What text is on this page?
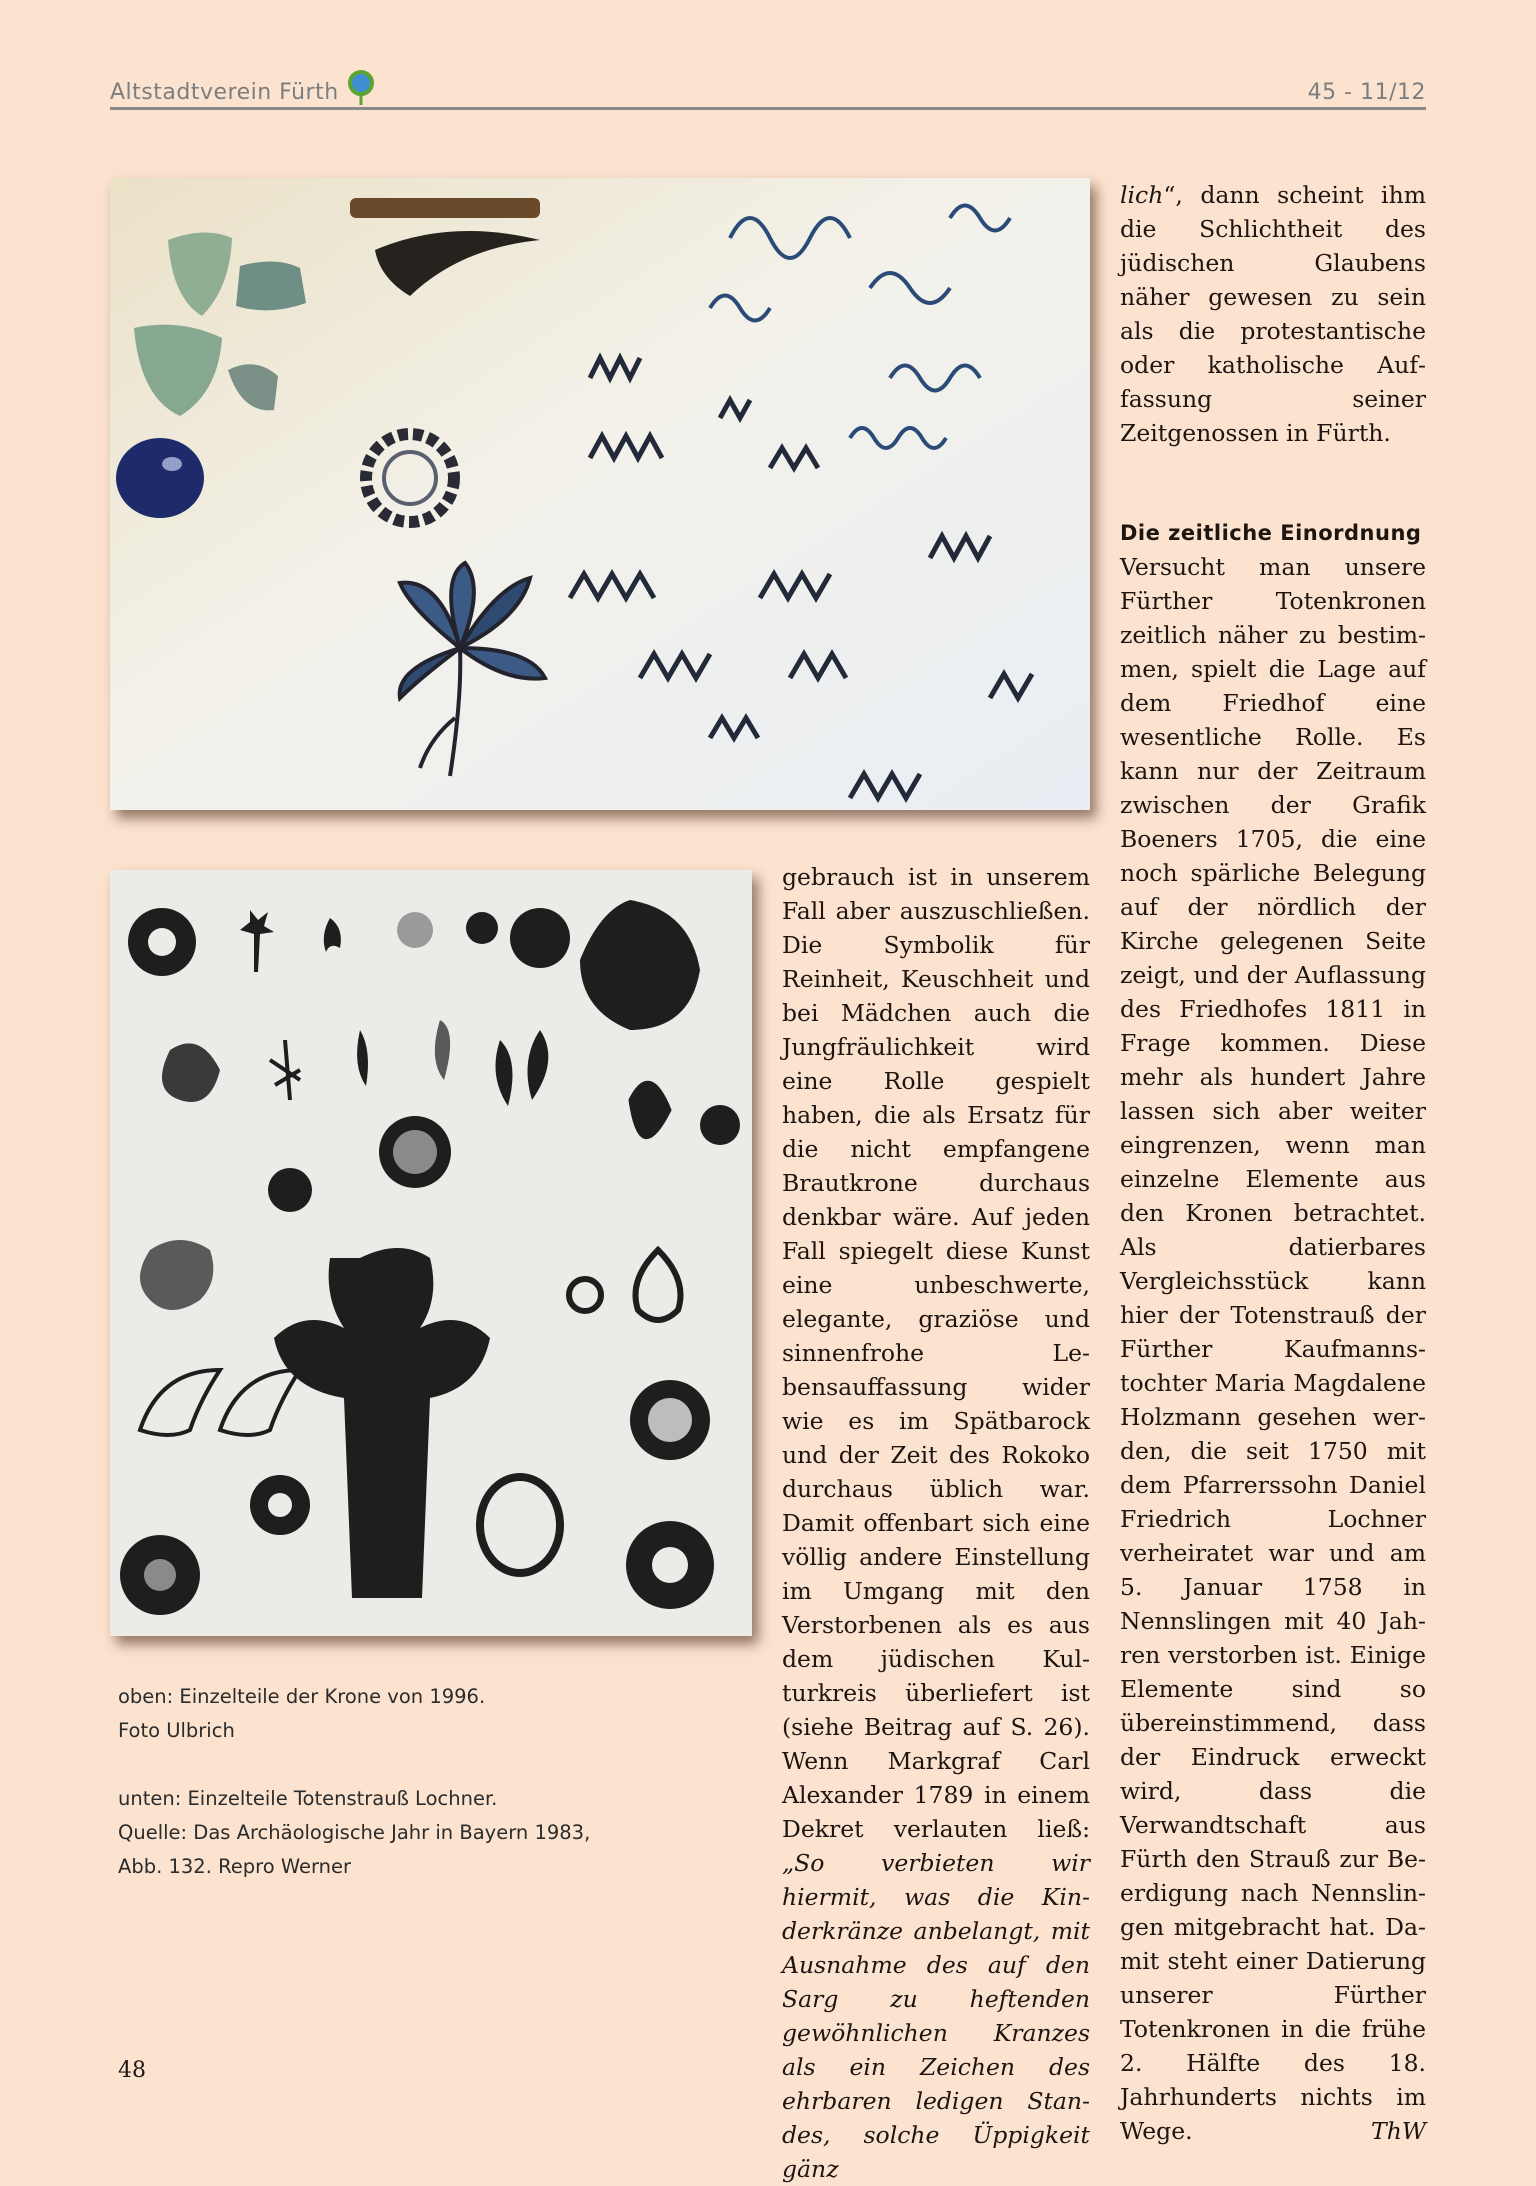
Altstadtverein Fürth	45 - 11/12
oben: Einzelteile der Krone von 1996.
Foto Ulbrich
unten: Einzelteile Totenstrauß Lochner.
Quelle: Das Archäologische Jahr in Bayern 1983,
Abb. 132. Repro Werner

gebrauch ist in unserem Fall aber auszuschließen. Die Symbolik für Reinheit, Keuschheit und bei Mädchen auch die Jungfräulichkeit wird eine Rolle gespielt haben, die als Ersatz für die nicht empfangene Brautkrone durchaus denkbar wäre. Auf jeden Fall spiegelt diese Kunst eine unbeschwerte, elegante, graziöse und sinnenfrohe Lebensauffassung wider wie es im Spätbarock und der Zeit des Rokoko durchaus üblich war. Damit offenbart sich eine völlig andere Einstellung im Umgang mit den Verstorbenen als es aus dem jüdischen Kulturkreis überliefert ist (siehe Beitrag auf S. 26). Wenn Markgraf Carl Alexander 1789 in einem Dekret verlauten ließ: „So verbieten wir hiermit, was die Kinderkränze anbelangt, mit Ausnahme des auf den Sarg zu heftenden gewöhnlichen Kranzes als ein Zeichen des ehrbaren ledigen Standes, solche Üppigkeit gänz

lich“, dann scheint ihm die Schlichtheit des jüdischen Glaubens näher gewesen zu sein als die protestantische oder katholische Auffassung seiner Zeitgenossen in Fürth.

Die zeitliche Einordnung

Versucht man unsere Fürther Totenkronen zeitlich näher zu bestimmen, spielt die Lage auf dem Friedhof eine wesentliche Rolle. Es kann nur der Zeitraum zwischen der Grafik Boeners 1705, die eine noch spärliche Belegung auf der nördlich der Kirche gelegenen Seite zeigt, und der Auflassung des Friedhofes 1811 in Frage kommen. Diese mehr als hundert Jahre lassen sich aber weiter eingrenzen, wenn man einzelne Elemente aus den Kronen betrachtet. Als datierbares Vergleichsstück kann hier der Totenstrauß der Fürther Kaufmannstochter Maria Magdalene Holzmann gesehen werden, die seit 1750 mit dem Pfarrerssohn Daniel Friedrich Lochner verheiratet war und am 5. Januar 1758 in Nennslingen mit 40 Jahren verstorben ist. Einige Elemente sind so übereinstimmend, dass der Eindruck erweckt wird, dass die Verwandtschaft aus Fürth den Strauß zur Beerdigung nach Nennslingen mitgebracht hat. Damit steht einer Datierung unserer Fürther Totenkronen in die frühe 2. Hälfte des 18. Jahrhunderts nichts im Wege.	ThW

48
